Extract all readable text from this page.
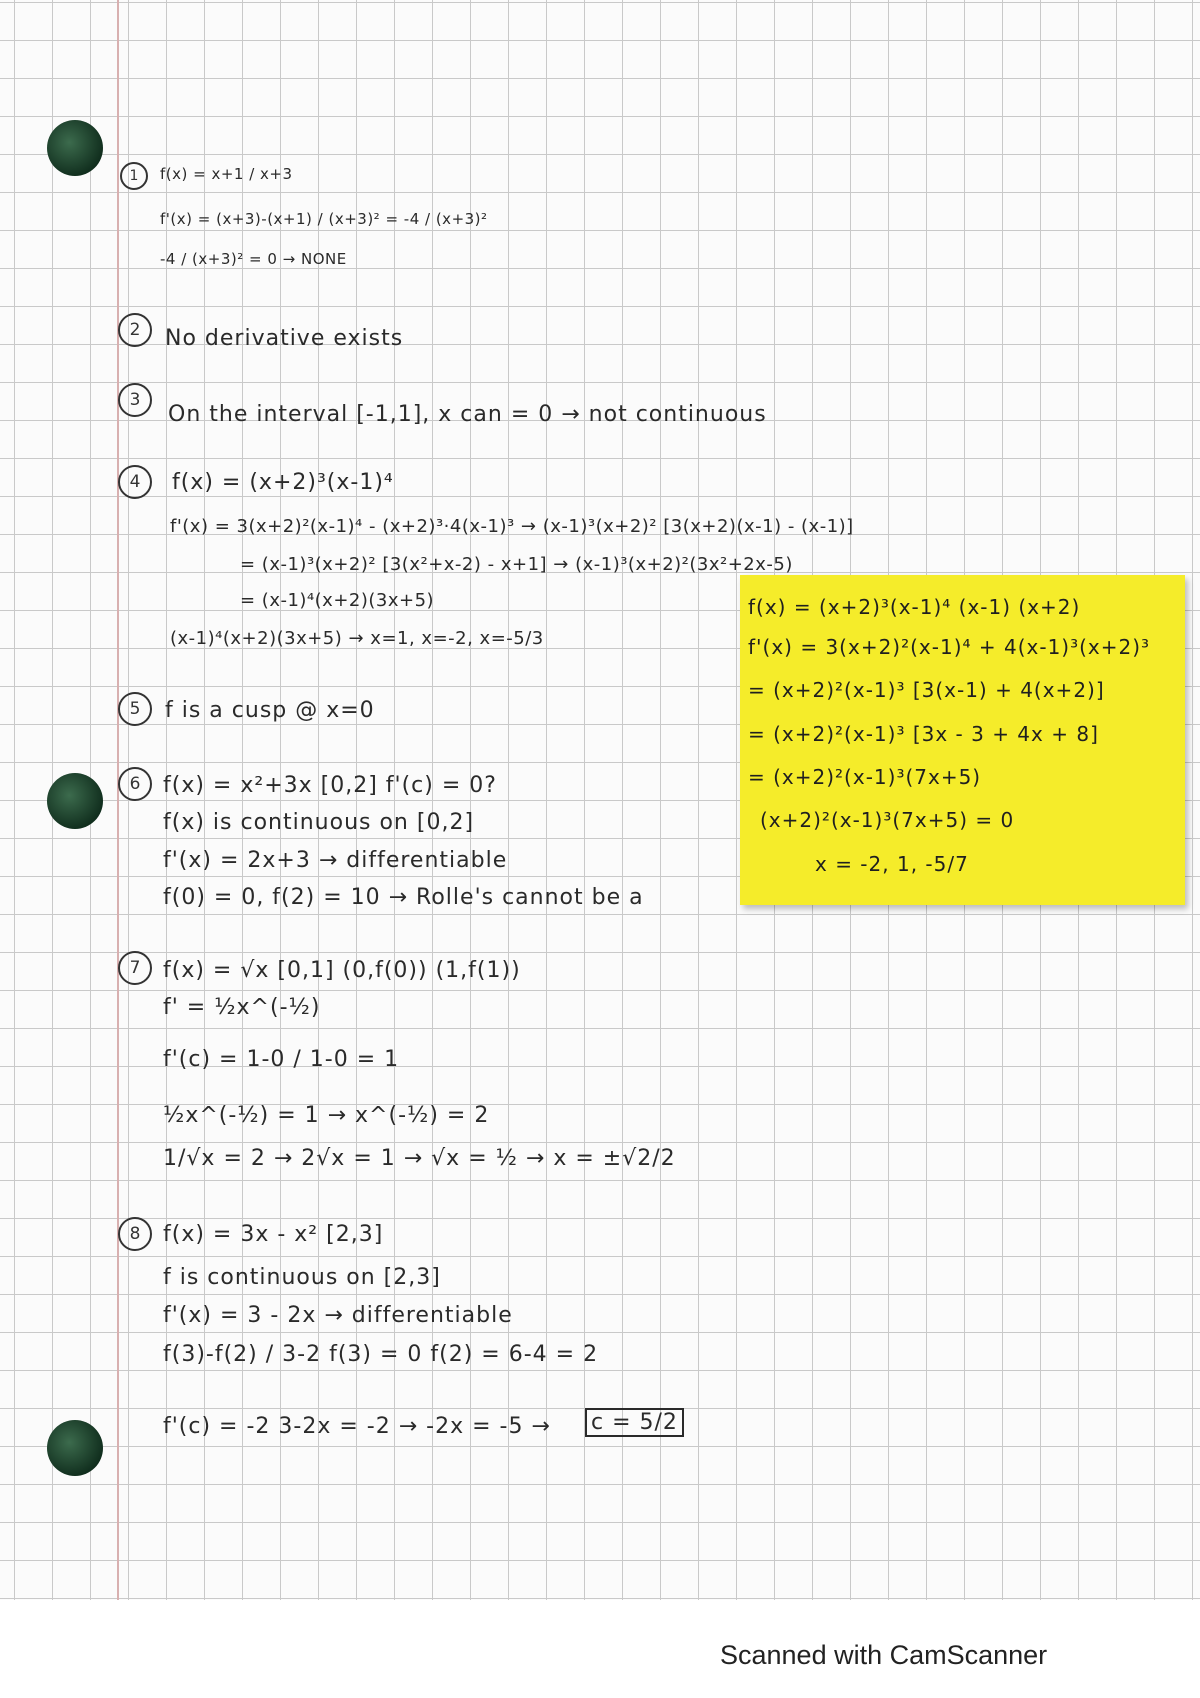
1	f(x) = x+1 / x+3
f'(x) = (x+3)-(x+1) / (x+3)² = -4 / (x+3)²
-4 / (x+3)² = 0 → NONE
2	No derivative exists
3
On the interval [-1,1], x can = 0 → not continuous
4	f(x) = (x+2)³(x-1)⁴
f'(x) = 3(x+2)²(x-1)⁴ - (x+2)³·4(x-1)³ → (x-1)³(x+2)² [3(x+2)(x-1) - (x-1)]
= (x-1)³(x+2)² [3(x²+x-2) - x+1] → (x-1)³(x+2)²(3x²+2x-5)
= (x-1)⁴(x+2)(3x+5)
(x-1)⁴(x+2)(3x+5) → x=1, x=-2, x=-5/3
5	f is a cusp @ x=0
6	f(x) = x²+3x [0,2] f'(c) = 0?
f(x) is continuous on [0,2]
f'(x) = 2x+3 → differentiable
f(0) = 0, f(2) = 10 → Rolle's cannot be a
7	f(x) = √x [0,1] (0,f(0)) (1,f(1))
f' = ½x^(-½)
f'(c) = 1-0 / 1-0 = 1
½x^(-½) = 1 → x^(-½) = 2
1/√x = 2 → 2√x = 1 → √x = ½ → x = ±√2/2
8	f(x) = 3x - x² [2,3]
f is continuous on [2,3]
f'(x) = 3 - 2x → differentiable
f(3)-f(2) / 3-2 f(3) = 0 f(2) = 6-4 = 2
f'(c) = -2 3-2x = -2 → -2x = -5 → c = 5/2
f(x) = (x+2)³(x-1)⁴ (x-1) (x+2)
f'(x) = 3(x+2)²(x-1)⁴ + 4(x-1)³(x+2)³
= (x+2)²(x-1)³ [3(x-1) + 4(x+2)]
= (x+2)²(x-1)³ [3x - 3 + 4x + 8]
= (x+2)²(x-1)³(7x+5)
(x+2)²(x-1)³(7x+5) = 0
x = -2, 1, -5/7
Scanned with CamScanner
